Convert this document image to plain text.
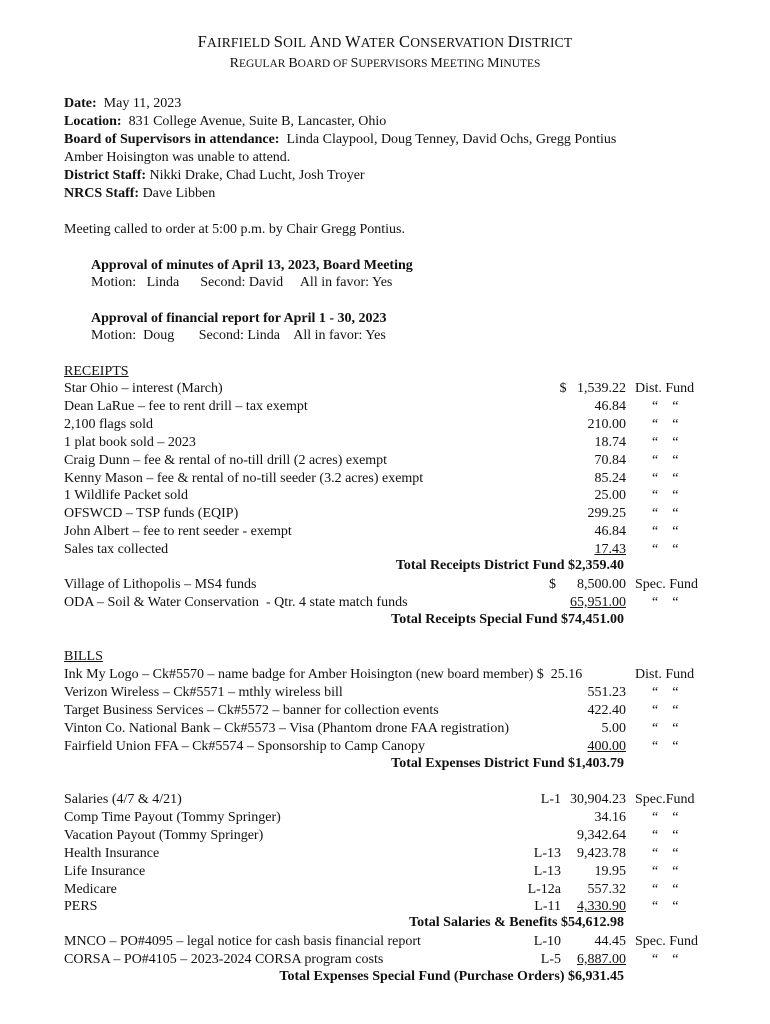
FAIRFIELD SOIL AND WATER CONSERVATION DISTRICT
REGULAR BOARD OF SUPERVISORS MEETING MINUTES
Date: May 11, 2023
Location: 831 College Avenue, Suite B, Lancaster, Ohio
Board of Supervisors in attendance: Linda Claypool, Doug Tenney, David Ochs, Gregg Pontius
Amber Hoisington was unable to attend.
District Staff: Nikki Drake, Chad Lucht, Josh Troyer
NRCS Staff: Dave Libben
Meeting called to order at 5:00 p.m. by Chair Gregg Pontius.
Approval of minutes of April 13, 2023, Board Meeting
Motion:   Linda      Second: David     All in favor: Yes
Approval of financial report for April 1 - 30, 2023
Motion:  Doug       Second: Linda    All in favor: Yes
RECEIPTS
Star Ohio – interest (March)	$   1,539.22 Dist. Fund
Dean LaRue – fee to rent drill – tax exempt	46.84 “    “
2,100 flags sold	210.00 “    “
1 plat book sold – 2023	18.74 “    “
Craig Dunn – fee & rental of no-till drill (2 acres) exempt	70.84 “    “
Kenny Mason – fee & rental of no-till seeder (3.2 acres) exempt	85.24 “    “
1 Wildlife Packet sold	25.00 “    “
OFSWCD – TSP funds (EQIP)	299.25 “    “
John Albert – fee to rent seeder - exempt	46.84 “    “
Sales tax collected	17.43 “    “
Total Receipts District Fund $2,359.40
Village of Lithopolis – MS4 funds	$ 8,500.00 Spec. Fund
ODA – Soil & Water Conservation  - Qtr. 4 state match funds	65,951.00 “    “
Total Receipts Special Fund $74,451.00
BILLS
Ink My Logo – Ck#5570 – name badge for Amber Hoisington (new board member) $  25.16	Dist. Fund
Verizon Wireless – Ck#5571 – mthly wireless bill	551.23 “    “
Target Business Services – Ck#5572 – banner for collection events	422.40 “    “
Vinton Co. National Bank – Ck#5573 – Visa (Phantom drone FAA registration)	5.00 “    “
Fairfield Union FFA – Ck#5574 – Sponsorship to Camp Canopy	400.00 “    “
Total Expenses District Fund $1,403.79
Salaries (4/7 & 4/21)	L-1 30,904.23 Spec.Fund
Comp Time Payout (Tommy Springer)	34.16 “    “
Vacation Payout (Tommy Springer)	9,342.64 “    “
Health Insurance	L-13 9,423.78 “    “
Life Insurance	L-13 19.95 “    “
Medicare	L-12a 557.32 “    “
PERS	L-11 4,330.90 “    “
Total Salaries & Benefits $54,612.98
MNCO – PO#4095 – legal notice for cash basis financial report	L-10 44.45 Spec. Fund
CORSA – PO#4105 – 2023-2024 CORSA program costs	L-5 6,887.00 “    “
Total Expenses Special Fund (Purchase Orders) $6,931.45
